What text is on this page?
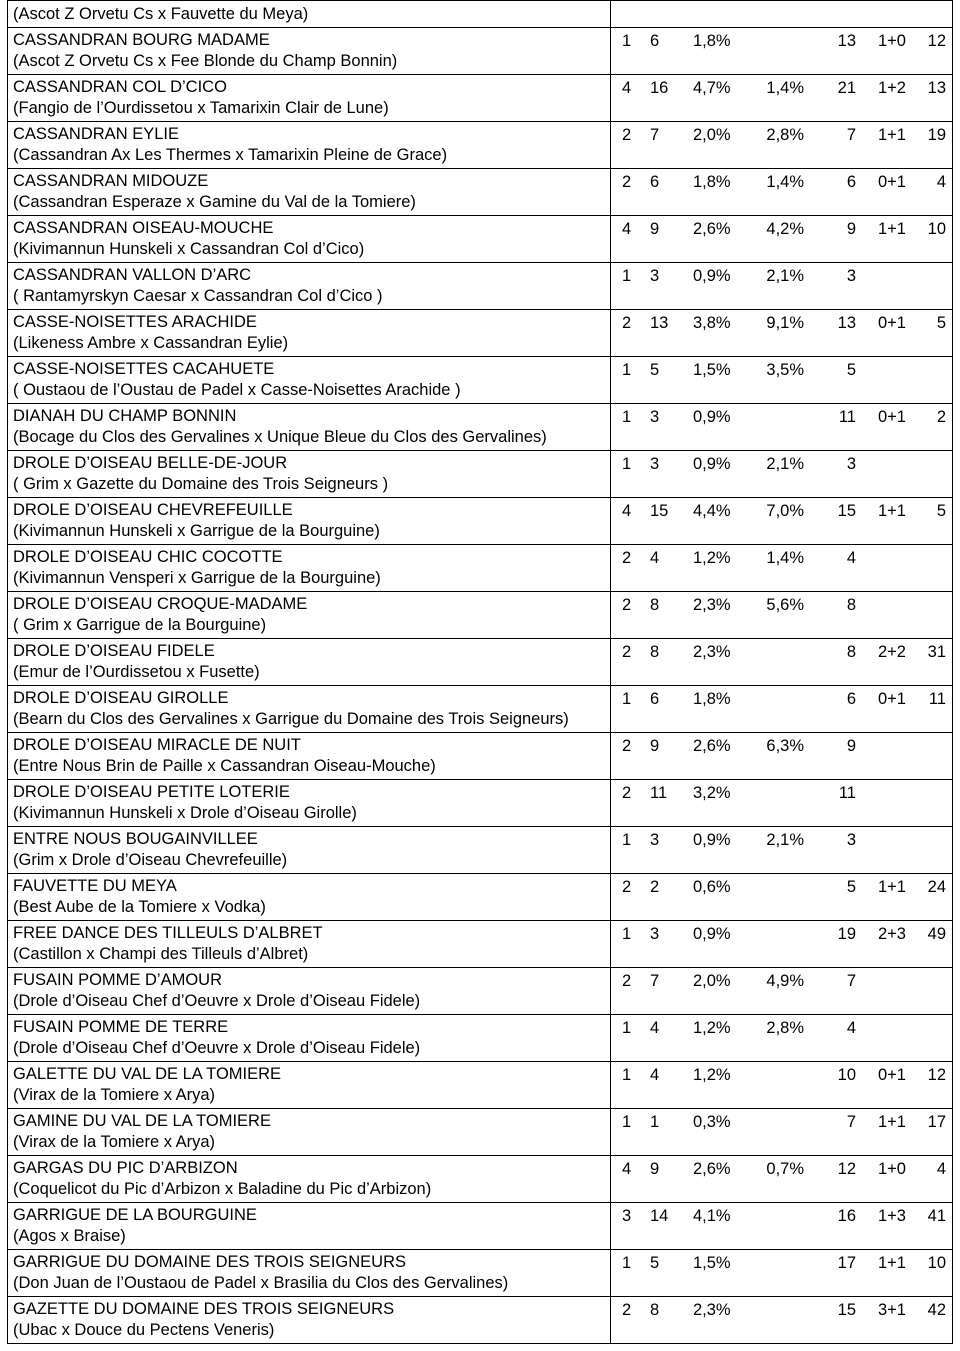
(Ascot Z Orvetu Cs x Fauvette du Meya)
CASSANDRAN BOURG MADAME
(Ascot Z Orvetu Cs x Fee Blonde du Champ Bonnin)
1 6 1,8%	13 1+0 12
CASSANDRAN COL D’CICO
(Fangio de l’Ourdissetou x Tamarixin Clair de Lune)
4 16 4,7% 1,4% 21 1+2 13
CASSANDRAN EYLIE
(Cassandran Ax Les Thermes x Tamarixin Pleine de Grace)
2 7 2,0% 2,8%	7 1+1 19
CASSANDRAN MIDOUZE
(Cassandran Esperaze x Gamine du Val de la Tomiere)
2 6 1,8% 1,4%	6 0+1 4
CASSANDRAN OISEAU-MOUCHE
(Kivimannun Hunskeli x Cassandran Col d’Cico)
4 9 2,6% 4,2%	9 1+1 10
CASSANDRAN VALLON D’ARC
( Rantamyrskyn Caesar x Cassandran Col d’Cico )
1 3 0,9% 2,1%	3
CASSE-NOISETTES ARACHIDE
(Likeness Ambre x Cassandran Eylie)
2 13 3,8% 9,1% 13 0+1 5
CASSE-NOISETTES CACAHUETE
( Oustaou de l’Oustau de Padel x Casse-Noisettes Arachide )
1 5 1,5% 3,5%	5
DIANAH DU CHAMP BONNIN
(Bocage du Clos des Gervalines x Unique Bleue du Clos des Gervalines)
1 3 0,9%	11 0+1 2
DROLE D’OISEAU BELLE-DE-JOUR
( Grim x Gazette du Domaine des Trois Seigneurs )
1 3 0,9% 2,1%	3
DROLE D’OISEAU CHEVREFEUILLE
(Kivimannun Hunskeli x Garrigue de la Bourguine)
4 15 4,4% 7,0% 15 1+1 5
DROLE D’OISEAU CHIC COCOTTE
(Kivimannun Vensperi x Garrigue de la Bourguine)
2 4 1,2% 1,4%	4
DROLE D’OISEAU CROQUE-MADAME
( Grim x Garrigue de la Bourguine)
2 8 2,3% 5,6%	8
DROLE D’OISEAU FIDELE
(Emur de l’Ourdissetou x Fusette)
2 8 2,3%	8 2+2 31
DROLE D’OISEAU GIROLLE
(Bearn du Clos des Gervalines x Garrigue du Domaine des Trois Seigneurs)
1 6 1,8%	6 0+1 11
DROLE D’OISEAU MIRACLE DE NUIT
(Entre Nous Brin de Paille x Cassandran Oiseau-Mouche)
2 9 2,6% 6,3%	9
DROLE D’OISEAU PETITE LOTERIE
(Kivimannun Hunskeli x Drole d’Oiseau Girolle)
2 11 3,2%	11
ENTRE NOUS BOUGAINVILLEE
(Grim x Drole d’Oiseau Chevrefeuille)
1 3 0,9% 2,1%	3
FAUVETTE DU MEYA
(Best Aube de la Tomiere x Vodka)
2 2 0,6%	5 1+1 24
FREE DANCE DES TILLEULS D’ALBRET
(Castillon x Champi des Tilleuls d’Albret)
1 3 0,9%	19 2+3 49
FUSAIN POMME D’AMOUR
(Drole d’Oiseau Chef d’Oeuvre x Drole d’Oiseau Fidele)
2 7 2,0% 4,9%	7
FUSAIN POMME DE TERRE
(Drole d’Oiseau Chef d’Oeuvre x Drole d’Oiseau Fidele)
1 4 1,2% 2,8%	4
GALETTE DU VAL DE LA TOMIERE
(Virax de la Tomiere x Arya)
1 4 1,2%	10 0+1 12
GAMINE DU VAL DE LA TOMIERE
(Virax de la Tomiere x Arya)
1 1 0,3%	7 1+1 17
GARGAS DU PIC D’ARBIZON
(Coquelicot du Pic d’Arbizon x Baladine du Pic d’Arbizon)
4 9 2,6% 0,7% 12 1+0 4
GARRIGUE DE LA BOURGUINE
(Agos x Braise)
3 14 4,1%	16 1+3 41
GARRIGUE DU DOMAINE DES TROIS SEIGNEURS
(Don Juan de l’Oustaou de Padel x Brasilia du Clos des Gervalines)
1 5 1,5%	17 1+1 10
GAZETTE DU DOMAINE DES TROIS SEIGNEURS
(Ubac x Douce du Pectens Veneris)
2 8 2,3%	15 3+1 42
